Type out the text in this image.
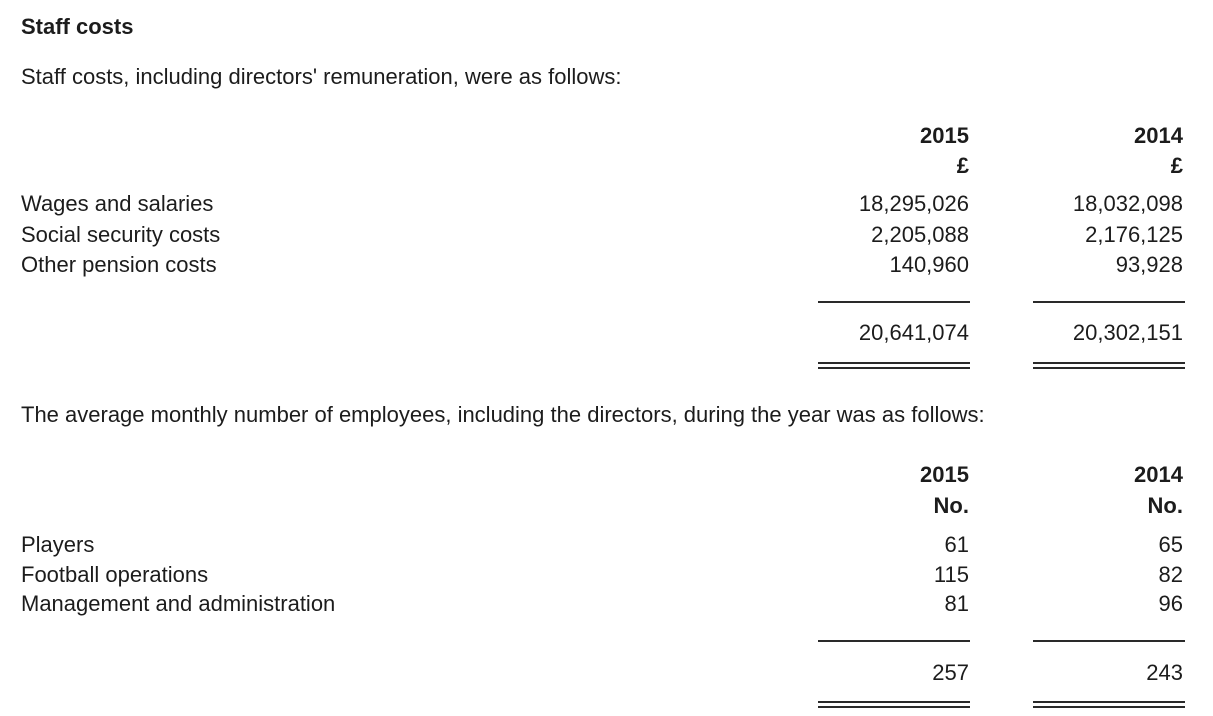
Staff costs
Staff costs, including directors' remuneration, were as follows:
2015	2014
£	£
Wages and salaries	18,295,026	18,032,098
Social security costs	2,205,088	2,176,125
Other pension costs	140,960	93,928
20,641,074	20,302,151
The average monthly number of employees, including the directors, during the year was as follows:
2015	2014
No.	No.
Players	61	65
Football operations	115	82
Management and administration	81	96
257	243
